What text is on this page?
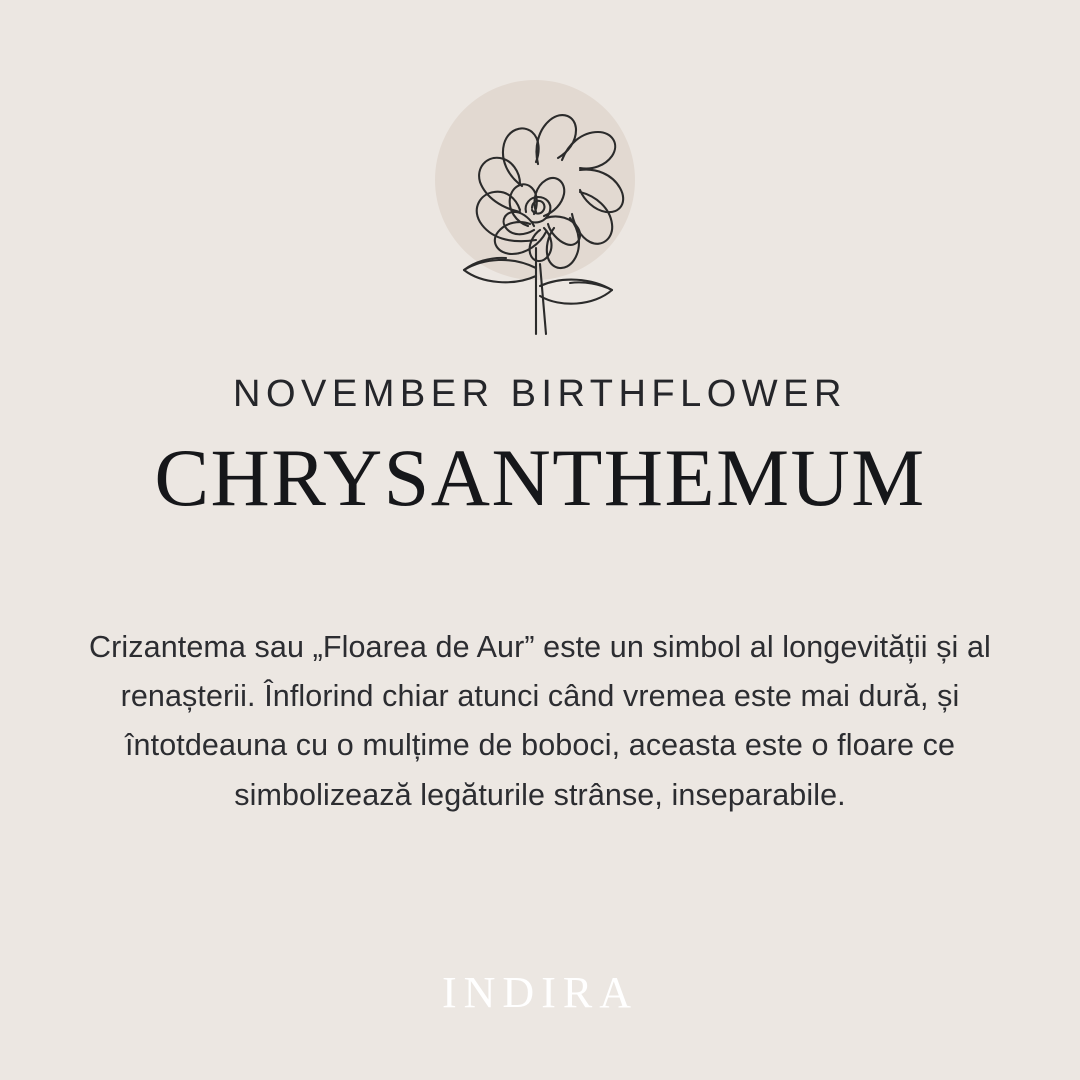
NOVEMBER BIRTHFLOWER
CHRYSANTHEMUM
Crizantema sau „Floarea de Aur” este un simbol al longevității și al renașterii. Înflorind chiar atunci când vremea este mai dură, și întotdeauna cu o mulțime de boboci, aceasta este o floare ce simbolizează legăturile strânse, inseparabile.
INDIRA
